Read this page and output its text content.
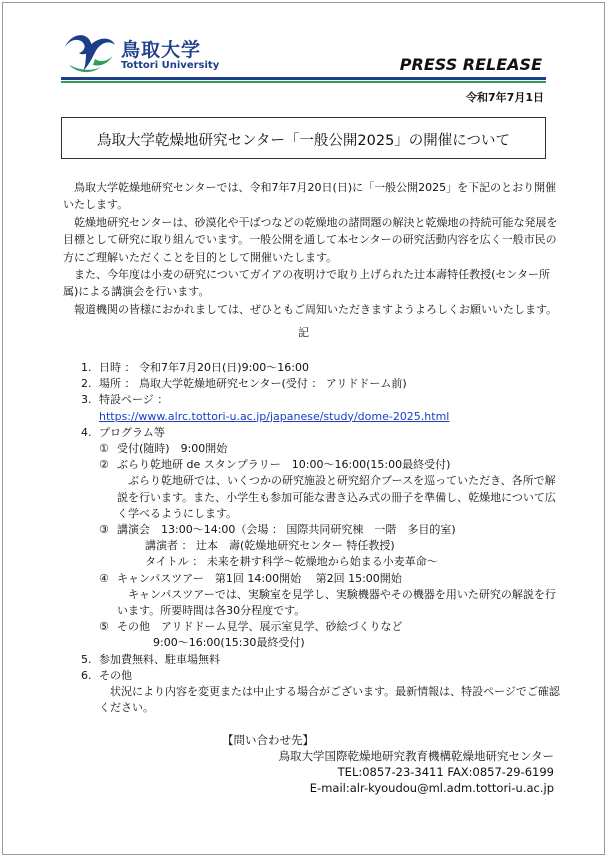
鳥取大学
Tottori University	PRESS RELEASE
令和7年7月1日
鳥取大学乾燥地研究センター「一般公開2025」の開催について

鳥取大学乾燥地研究センターでは、令和7年7月20日(日)に「一般公開2025」を下記のとおり開催いたします。

乾燥地研究センターは、砂漠化や干ばつなどの乾燥地の諸問題の解決と乾燥地の持続可能な発展を目標として研究に取り組んでいます。一般公開を通して本センターの研究活動内容を広く一般市民の方にご理解いただくことを目的として開催いたします。

また、今年度は小麦の研究についてガイアの夜明けで取り上げられた辻本壽特任教授(センター所属)による講演会を行います。

報道機関の皆様におかれましては、ぜひともご周知いただきますようよろしくお願いいたします。

記
1. 日時 ： 令和7年7月20日(日)9:00～16:00
2. 場所 ： 鳥取大学乾燥地研究センター(受付 ： アリドドーム前)
3. 特設ページ ：
https://www.alrc.tottori-u.ac.jp/japanese/study/dome-2025.html
4. プログラム等
① 受付(随時)　9:00開始
② ぶらり乾地研 de スタンプラリー　10:00～16:00(15:00最終受付)
ぶらり乾地研では、いくつかの研究施設と研究紹介ブースを巡っていただき、各所で解説を行います。また、小学生も参加可能な書き込み式の冊子を準備し、乾燥地について広く学べるようにします。
③ 講演会　13:00～14:00（会場 ： 国際共同研究棟　一階　多目的室)
講演者 ： 辻本　壽(乾燥地研究センター 特任教授)
タイトル ： 未来を耕す科学～乾燥地から始まる小麦革命～
④ キャンパスツアー　第1回 14:00開始　 第2回 15:00開始
キャンパスツアーでは、実験室を見学し、実験機器やその機器を用いた研究の解説を行います。所要時間は各30分程度です。
⑤ その他　アリドドーム見学、展示室見学、砂絵づくりなど
9:00～16:00(15:30最終受付)
5. 参加費無料、駐車場無料
6. その他
状況により内容を変更または中止する場合がございます。最新情報は、特設ページでご確認ください。
【問い合わせ先】
鳥取大学国際乾燥地研究教育機構乾燥地研究センター
TEL:0857-23-3411 FAX:0857-29-6199
E-mail:alr-kyoudou@ml.adm.tottori-u.ac.jp
